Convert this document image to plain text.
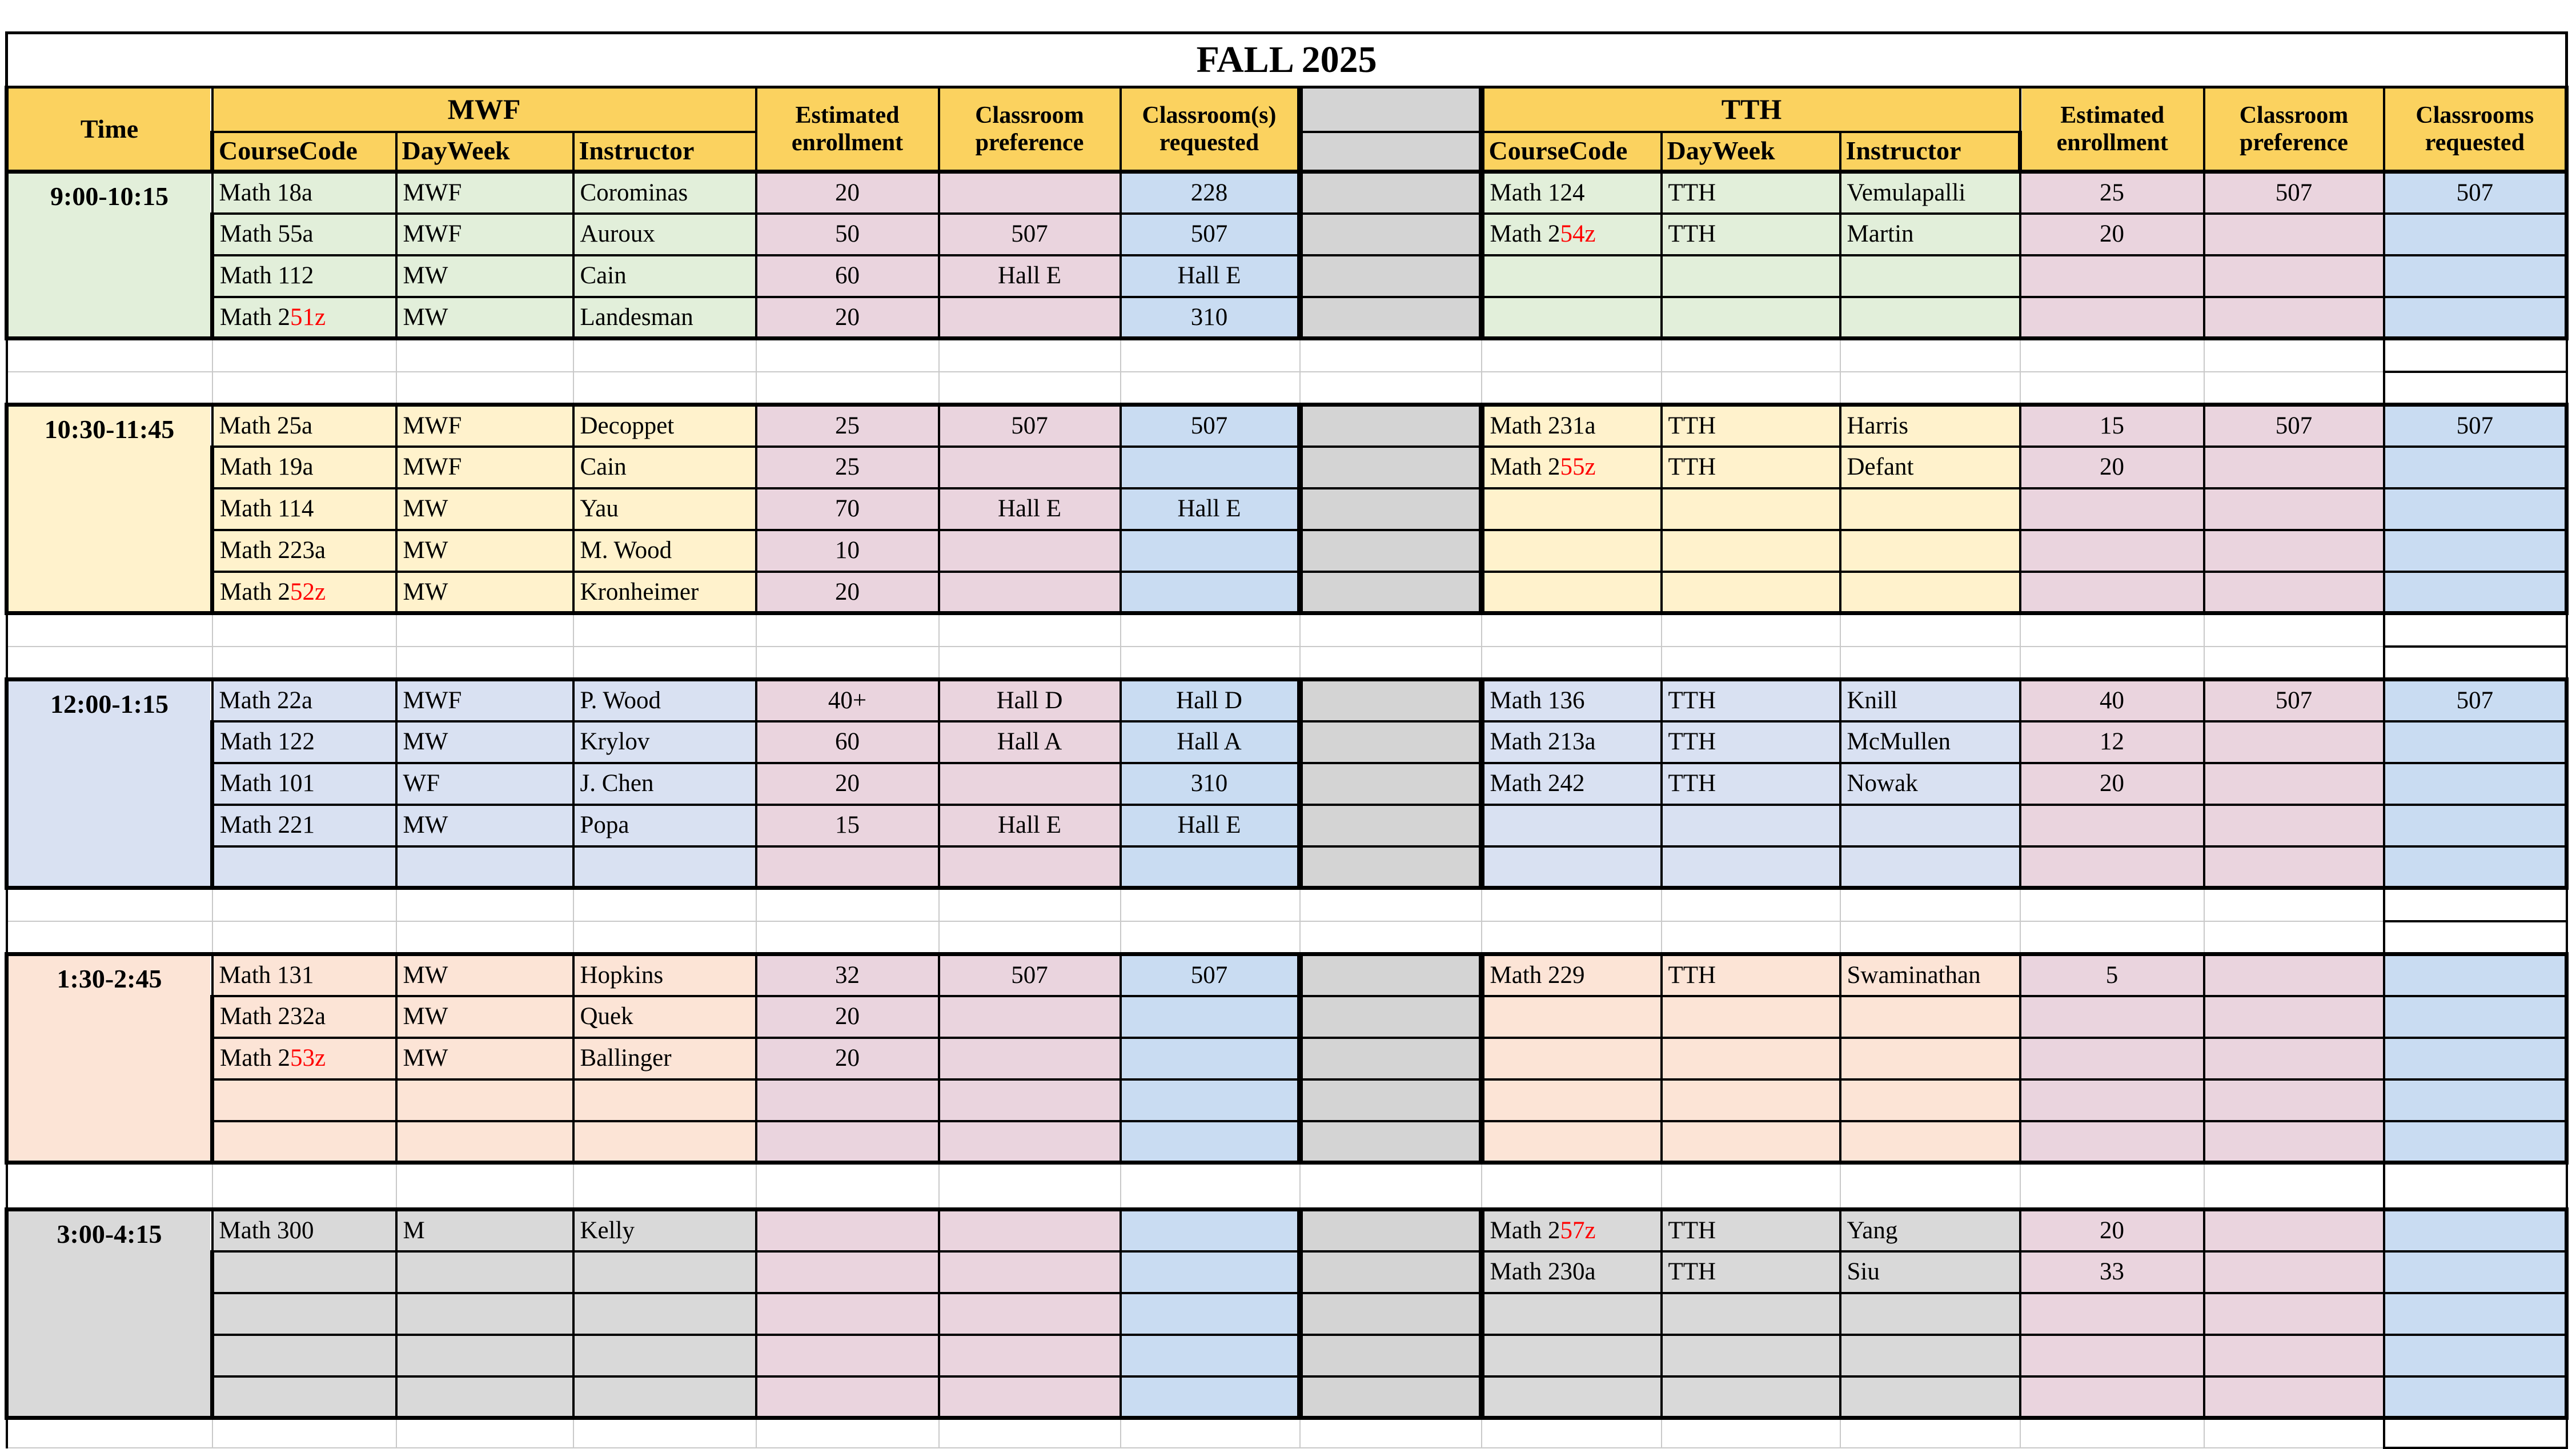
FALL 2025													
Time	MWF			Estimated enrollment	Classroom preference	Classroom(s) requested		TTH			Estimated enrollment	Classroom preference	Classrooms requested
	CourseCode	DayWeek	Instructor					CourseCode	DayWeek	Instructor			
9:00-10:15	Math 18a	MWF	Corominas	20		228		Math 124	TTH	Vemulapalli	25	507	507
	Math 55a	MWF	Auroux	50	507	507		Math 254z	TTH	Martin	20		
	Math 112	MW	Cain	60	Hall E	Hall E							
	Math 251z	MW	Landesman	20		310							

10:30-11:45	Math 25a	MWF	Decoppet	25	507	507		Math 231a	TTH	Harris	15	507	507
	Math 19a	MWF	Cain	25				Math 255z	TTH	Defant	20		
	Math 114	MW	Yau	70	Hall E	Hall E							
	Math 223a	MW	M. Wood	10									
	Math 252z	MW	Kronheimer	20									

12:00-1:15	Math 22a	MWF	P. Wood	40+	Hall D	Hall D		Math 136	TTH	Knill	40	507	507
	Math 122	MW	Krylov	60	Hall A	Hall A		Math 213a	TTH	McMullen	12		
	Math 101	WF	J. Chen	20		310		Math 242	TTH	Nowak	20		
	Math 221	MW	Popa	15	Hall E	Hall E							

1:30-2:45	Math 131	MW	Hopkins	32	507	507		Math 229	TTH	Swaminathan	5		
	Math 232a	MW	Quek	20									
	Math 253z	MW	Ballinger	20									

3:00-4:15	Math 300	M	Kelly					Math 257z	TTH	Yang	20		
								Math 230a	TTH	Siu	33		
